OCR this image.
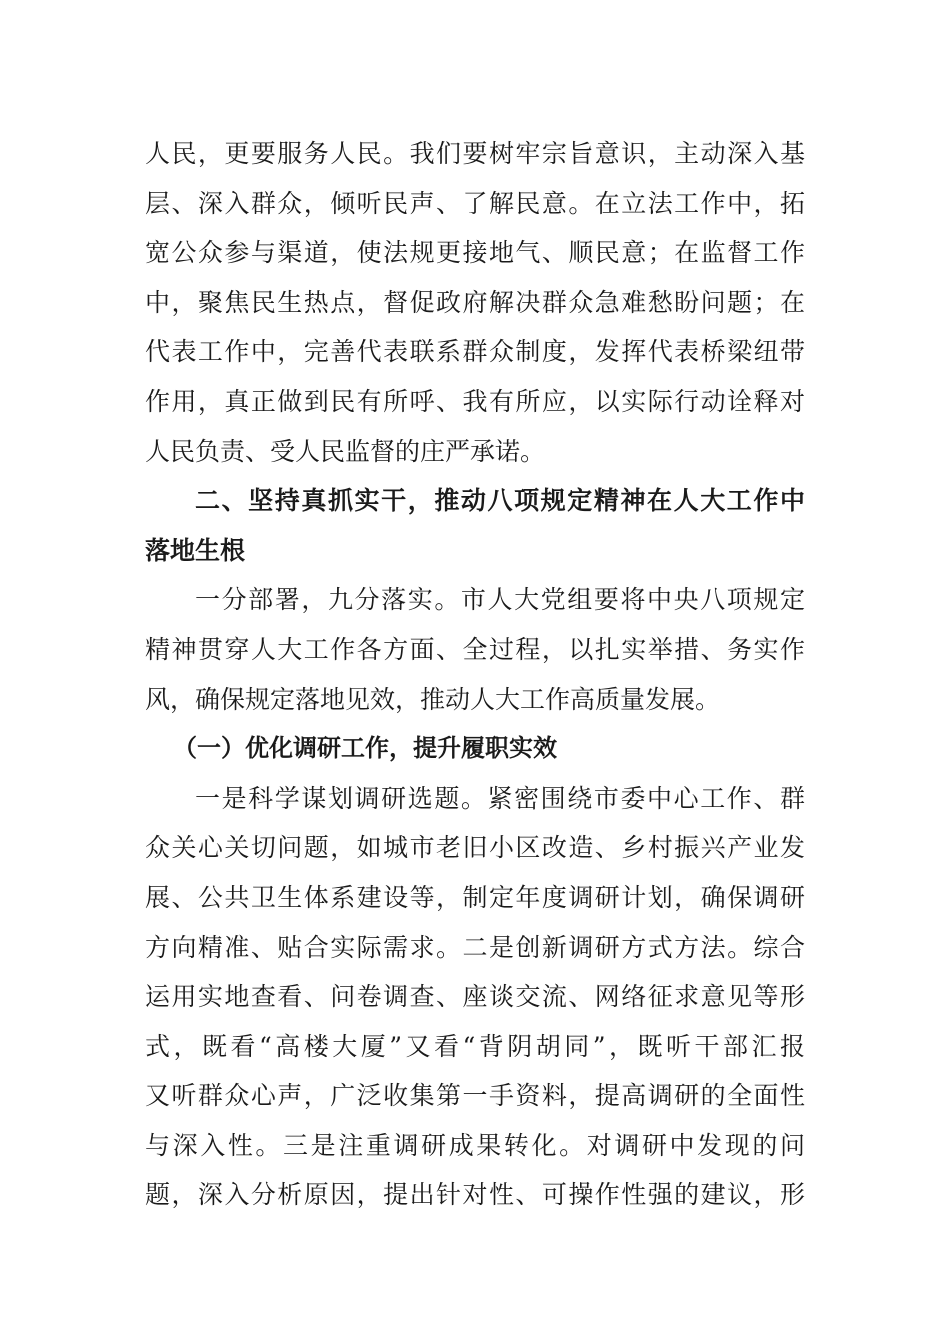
人民，更要服务人民。我们要树牢宗旨意识，主动深入基
层、深入群众，倾听民声、了解民意。在立法工作中，拓
宽公众参与渠道，使法规更接地气、顺民意；在监督工作
中，聚焦民生热点，督促政府解决群众急难愁盼问题；在
代表工作中，完善代表联系群众制度，发挥代表桥梁纽带
作用，真正做到民有所呼、我有所应，以实际行动诠释对
人民负责、受人民监督的庄严承诺。
二、坚持真抓实干，推动八项规定精神在人大工作中
落地生根
一分部署，九分落实。市人大党组要将中央八项规定
精神贯穿人大工作各方面、全过程，以扎实举措、务实作
风，确保规定落地见效，推动人大工作高质量发展。
（一）优化调研工作，提升履职实效
一是科学谋划调研选题。紧密围绕市委中心工作、群
众关心关切问题，如城市老旧小区改造、乡村振兴产业发
展、公共卫生体系建设等，制定年度调研计划，确保调研
方向精准、贴合实际需求。二是创新调研方式方法。综合
运用实地查看、问卷调查、座谈交流、网络征求意见等形
式，既看“高楼大厦”又看“背阴胡同”，既听干部汇报
又听群众心声，广泛收集第一手资料，提高调研的全面性
与深入性。三是注重调研成果转化。对调研中发现的问
题，深入分析原因，提出针对性、可操作性强的建议，形
